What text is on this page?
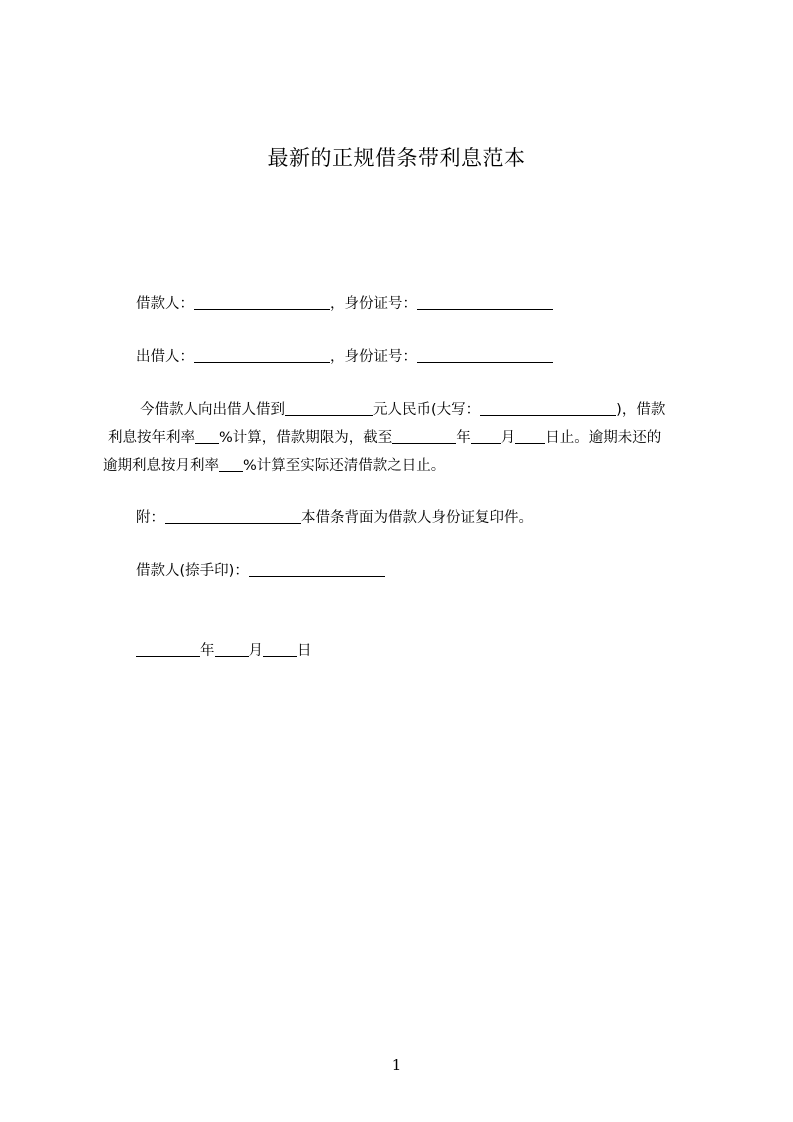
最新的正规借条带利息范本
借款人：	，身份证号：
出借人：	，身份证号：
今借款人向出借人借到	元人民币(大写：	)，借款
利息按年利率 %计算，借款期限为，截至	年 月 日止。逾期未还的
逾期利息按月利率 %计算至实际还清借款之日止。
附：	本借条背面为借款人身份证复印件。
借款人(捺手印)：
年 月 日
1
